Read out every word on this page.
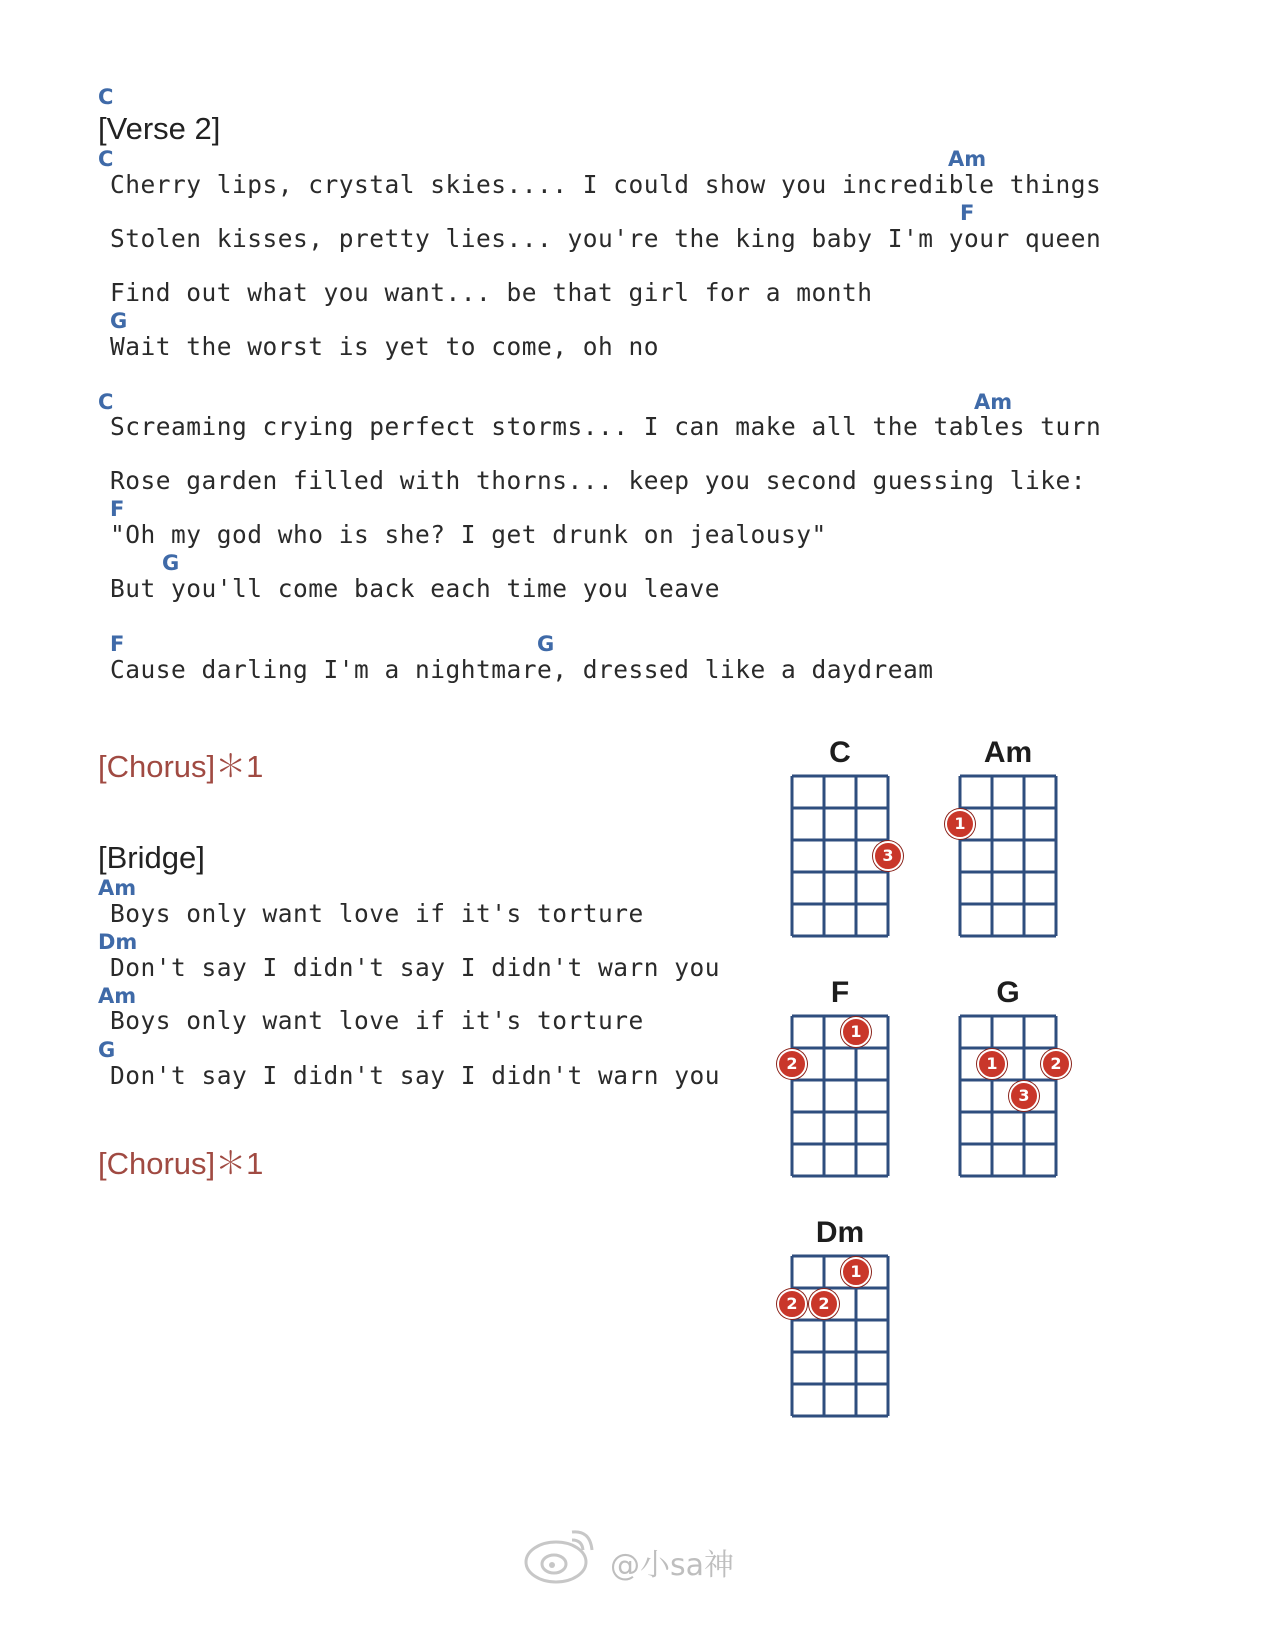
C
[Verse 2]
C	Am
Cherry lips, crystal skies.... I could show you incredible things
F
Stolen kisses, pretty lies... you're the king baby I'm your queen
Find out what you want... be that girl for a month
G
Wait the worst is yet to come, oh no
C	Am
Screaming crying perfect storms... I can make all the tables turn
Rose garden filled with thorns... keep you second guessing like:
F
"Oh my god who is she? I get drunk on jealousy"
G
But you'll come back each time you leave
F	G
Cause darling I'm a nightmare, dressed like a daydream
[Chorus]＊1
[Bridge]
Am
Boys only want love if it's torture
Dm
Don't say I didn't say I didn't warn you
Am
Boys only want love if it's torture
G
Don't say I didn't say I didn't warn you
[Chorus]＊1
C
3
Am
1
F
1
2
G
1	2
3
Dm
1
2	2
@小sa神
